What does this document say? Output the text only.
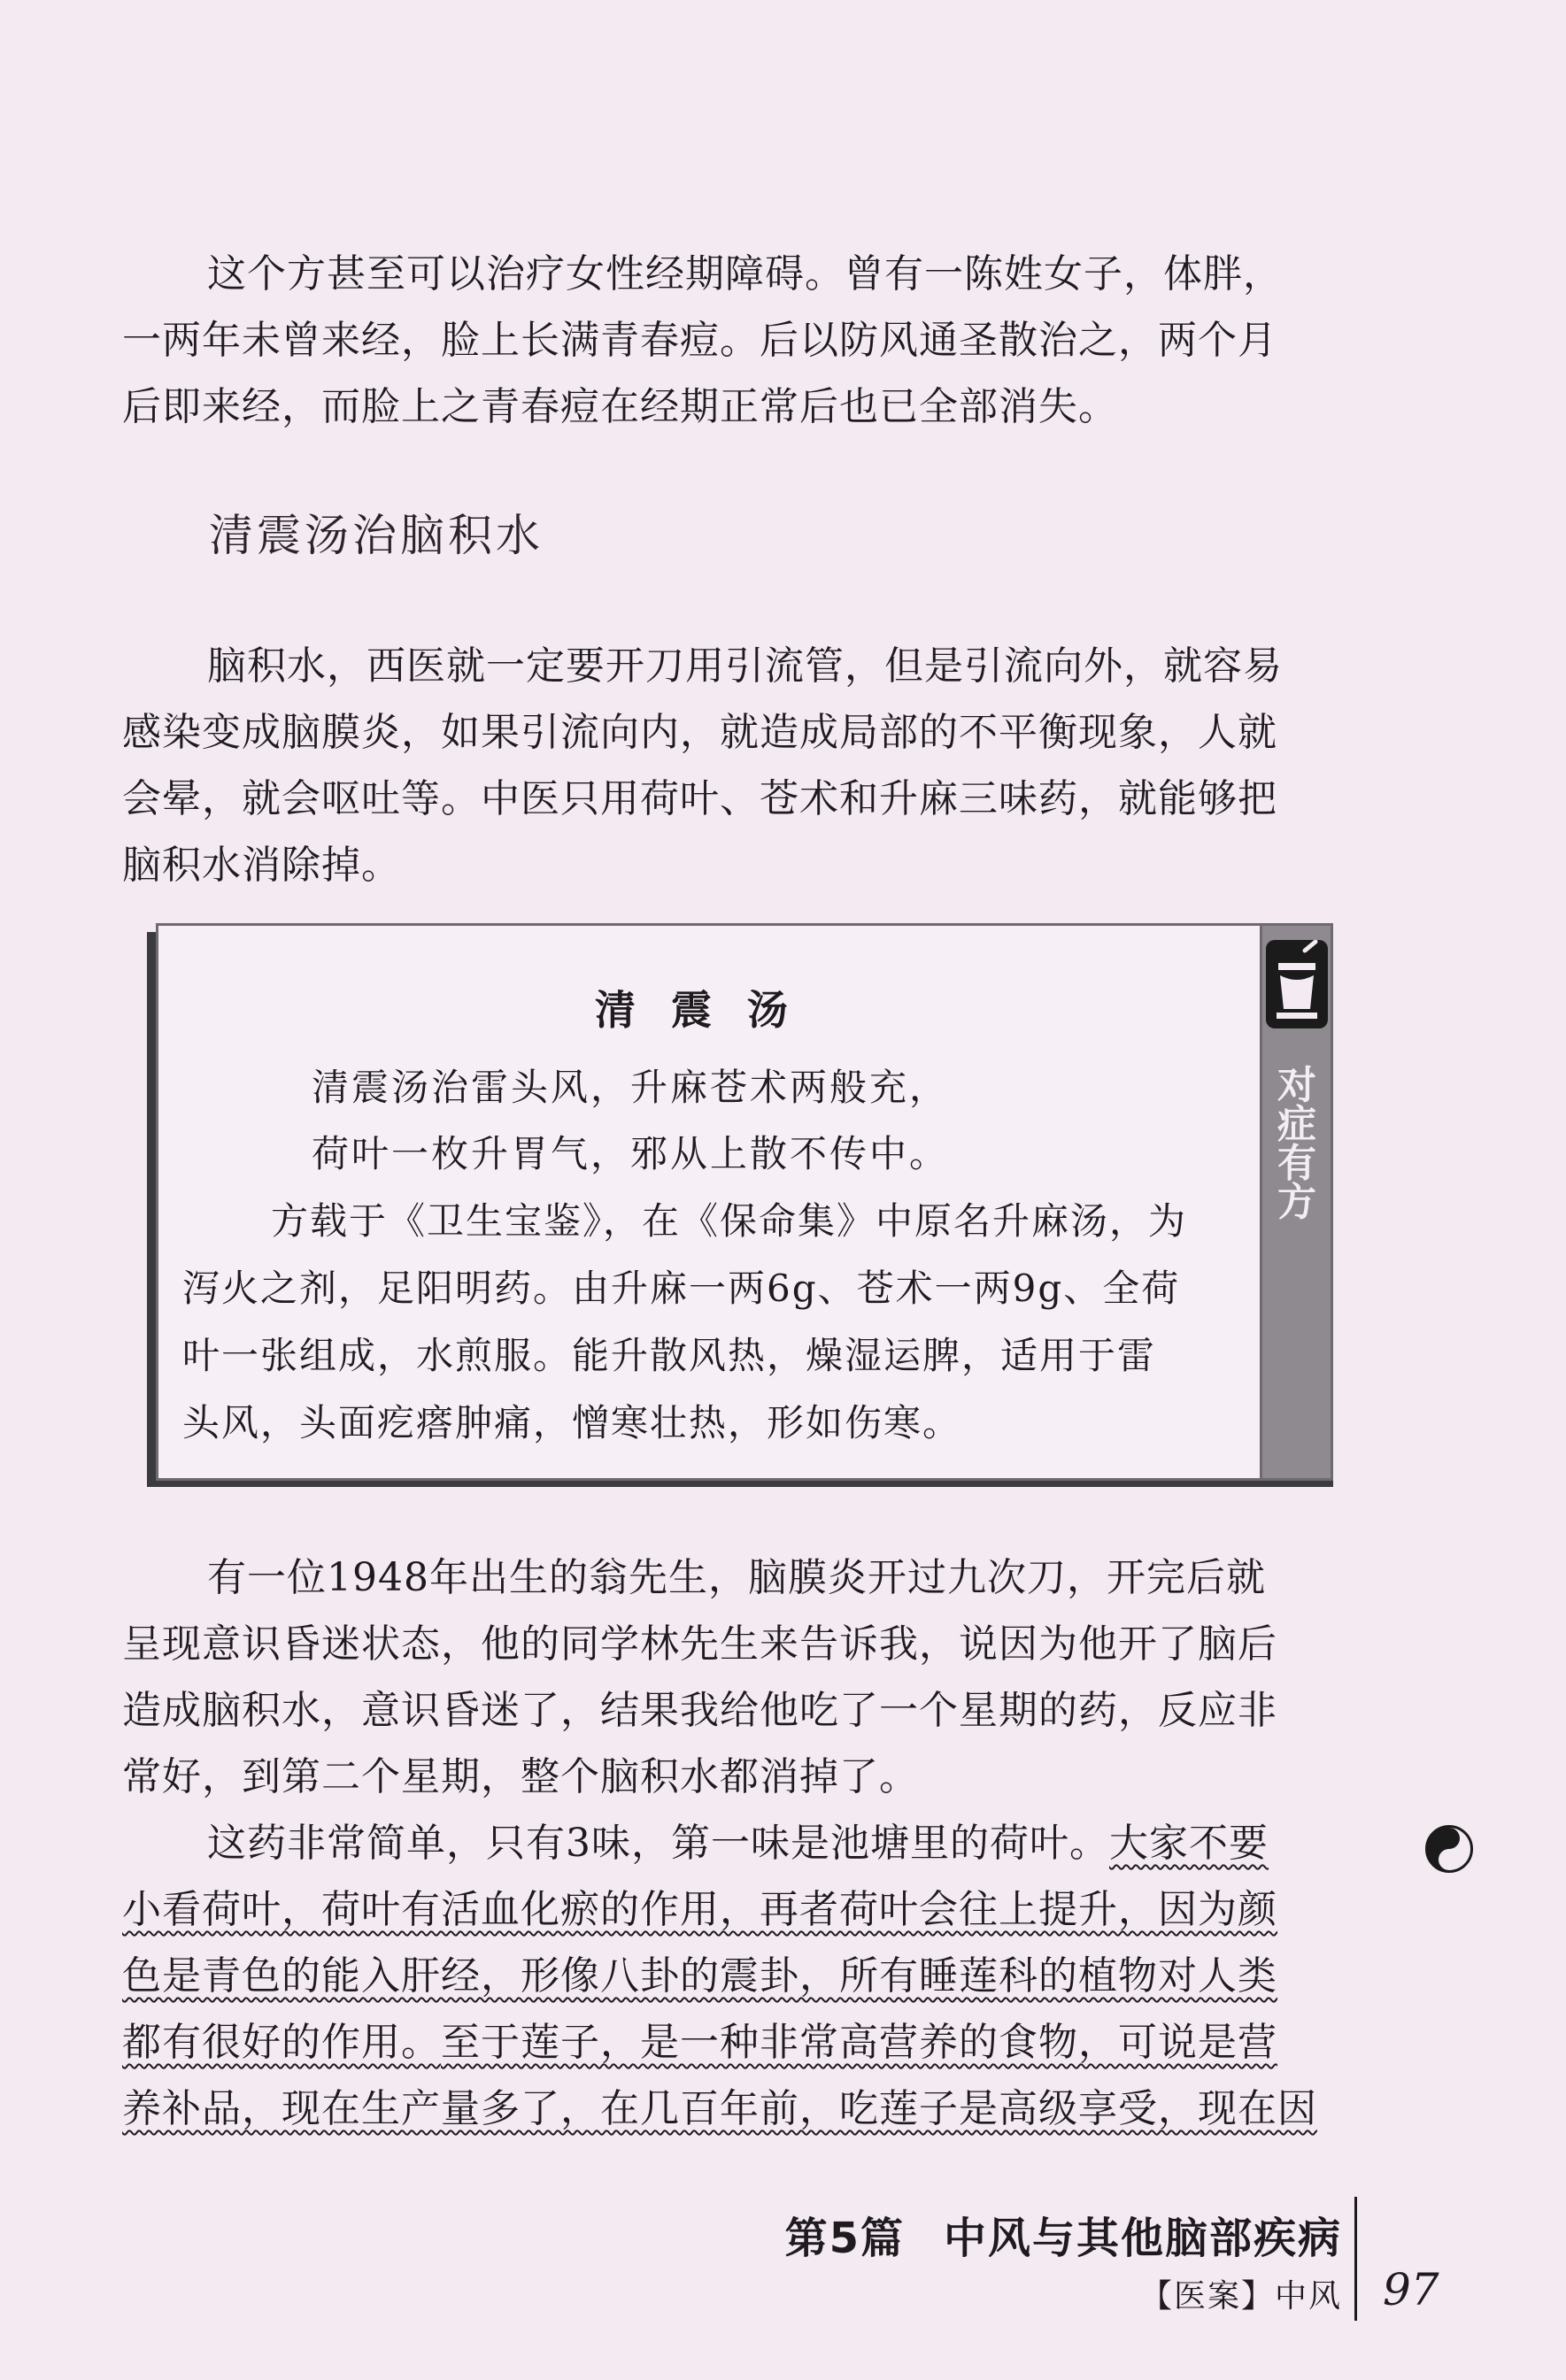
这个方甚至可以治疗女性经期障碍。曾有一陈姓女子，体胖，
一两年未曾来经，脸上长满青春痘。后以防风通圣散治之，两个月
后即来经，而脸上之青春痘在经期正常后也已全部消失。

清震汤治脑积水

脑积水，西医就一定要开刀用引流管，但是引流向外，就容易
感染变成脑膜炎，如果引流向内，就造成局部的不平衡现象，人就
会晕，就会呕吐等。中医只用荷叶、苍术和升麻三味药，就能够把
脑积水消除掉。

对
症
有
方
清震汤

清震汤治雷头风，升麻苍术两般充，

荷叶一枚升胃气，邪从上散不传中。

方载于《卫生宝鉴》，在《保命集》中原名升麻汤，为
泻火之剂，足阳明药。由升麻一两6g、苍术一两9g、全荷
叶一张组成，水煎服。能升散风热，燥湿运脾，适用于雷
头风，头面疙瘩肿痛，憎寒壮热，形如伤寒。

有一位1948年出生的翁先生，脑膜炎开过九次刀，开完后就
呈现意识昏迷状态，他的同学林先生来告诉我，说因为他开了脑后
造成脑积水，意识昏迷了，结果我给他吃了一个星期的药，反应非
常好，到第二个星期，整个脑积水都消掉了。

这药非常简单，只有3味，第一味是池塘里的荷叶。大家不要
小看荷叶，荷叶有活血化瘀的作用，再者荷叶会往上提升，因为颜
色是青色的能入肝经，形像八卦的震卦，所有睡莲科的植物对人类
都有很好的作用。至于莲子，是一种非常高营养的食物，可说是营
养补品，现在生产量多了，在几百年前，吃莲子是高级享受，现在因

第5篇 中风与其他脑部疾病
【医案】中风 97
